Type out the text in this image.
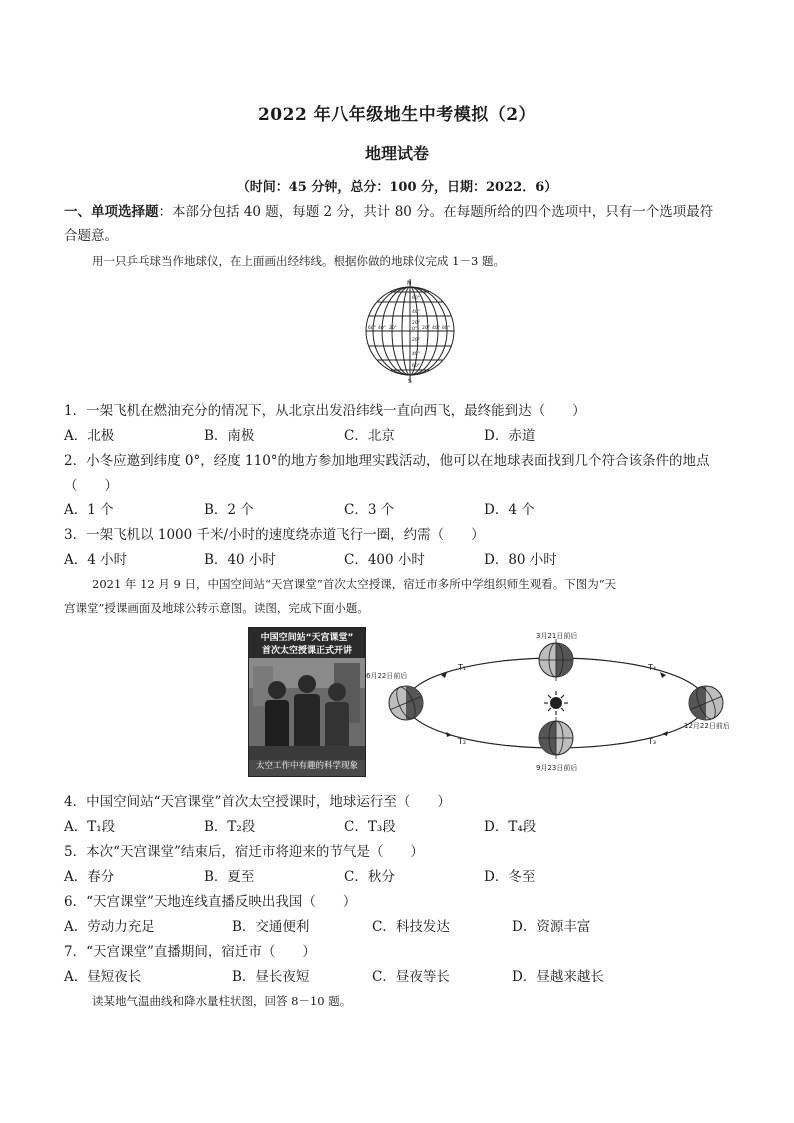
2022 年八年级地生中考模拟（2）
地理试卷
（时间：45 分钟，总分：100 分，日期：2022．6）
一、单项选择题：本部分包括 40 题，每题 2 分，共计 80 分。在每题所给的四个选项中，只有一个选项最符
合题意。
用一只乒乓球当作地球仪，在上面画出经纬线。根据你做的地球仪完成 1－3 题。
N
S
60°
40°
20°
0°
20°
40°
60°
60° 40° 20°	20° 40° 60°
1．一架飞机在燃油充分的情况下，从北京出发沿纬线一直向西飞，最终能到达（　　）
A．北极	B．南极	C．北京	D．赤道
2．小冬应邀到纬度 0°，经度 110°的地方参加地理实践活动，他可以在地球表面找到几个符合该条件的地点
（　　）
A．1 个	B．2 个	C．3 个	D．4 个
3．一架飞机以 1000 千米/小时的速度绕赤道飞行一圈，约需（　　）
A．4 小时	B．40 小时	C．400 小时	D．80 小时
2021 年 12 月 9 日，中国空间站“天宫课堂”首次太空授课，宿迁市多所中学组织师生观看。下图为“天
宫课堂”授课画面及地球公转示意图。读图，完成下面小题。
中国空间站“天宫课堂”
首次太空授课正式开讲
太空工作中有趣的科学现象
3月21日前后
6月22日前后
12月22日前后
9月23日前后
T₁	T₄
T₂	T₃
4．中国空间站“天宫课堂”首次太空授课时，地球运行至（　　）
A．T₁段	B．T₂段	C．T₃段	D．T₄段
5．本次“天宫课堂”结束后，宿迁市将迎来的节气是（　　）
A．春分	B．夏至	C．秋分	D．冬至
6．“天宫课堂”天地连线直播反映出我国（　　）
A．劳动力充足	B．交通便利	C．科技发达	D．资源丰富
7．“天宫课堂”直播期间，宿迁市（　　）
A．昼短夜长	B．昼长夜短	C．昼夜等长	D．昼越来越长
读某地气温曲线和降水量柱状图，回答 8－10 题。
